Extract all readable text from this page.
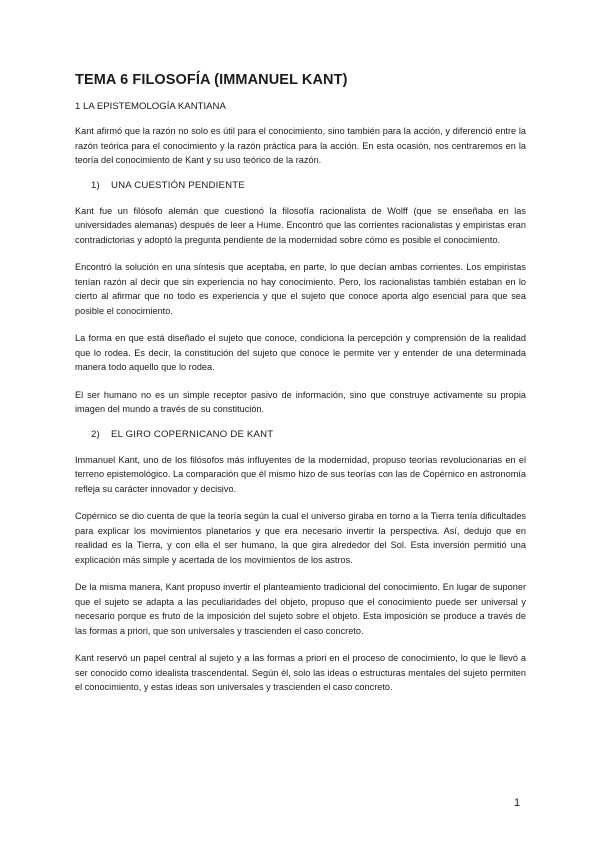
TEMA 6 FILOSOFÍA (IMMANUEL KANT)
1 LA EPISTEMOLOGÍA KANTIANA

Kant afirmó que la razón no solo es útil para el conocimiento, sino también para la acción, y diferenció entre la razón teórica para el conocimiento y la razón práctica para la acción. En esta ocasión, nos centraremos en la teoría del conocimiento de Kant y su uso teórico de la razón.

1) UNA CUESTIÓN PENDIENTE

Kant fue un filósofo alemán que cuestionó la filosofía racionalista de Wolff (que se enseñaba en las universidades alemanas) después de leer a Hume. Encontró que las corrientes racionalistas y empiristas eran contradictorias y adoptó la pregunta pendiente de la modernidad sobre cómo es posible el conocimiento.

Encontró la solución en una síntesis que aceptaba, en parte, lo que decían ambas corrientes. Los empiristas tenían razón al decir que sin experiencia no hay conocimiento. Pero, los racionalistas también estaban en lo cierto al afirmar que no todo es experiencia y que el sujeto que conoce aporta algo esencial para que sea posible el conocimiento.

La forma en que está diseñado el sujeto que conoce, condiciona la percepción y comprensión de la realidad que lo rodea. Es decir, la constitución del sujeto que conoce le permite ver y entender de una determinada manera todo aquello que lo rodea.

El ser humano no es un simple receptor pasivo de información, sino que construye activamente su propia imagen del mundo a través de su constitución.

2) EL GIRO COPERNICANO DE KANT

Immanuel Kant, uno de los filósofos más influyentes de la modernidad, propuso teorías revolucionarias en el terreno epistemológico. La comparación que él mismo hizo de sus teorías con las de Copérnico en astronomía refleja su carácter innovador y decisivo.

Copérnico se dio cuenta de que la teoría según la cual el universo giraba en torno a la Tierra tenía dificultades para explicar los movimientos planetarios y que era necesario invertir la perspectiva. Así, dedujo que en realidad es la Tierra, y con ella el ser humano, la que gira alrededor del Sol. Esta inversión permitió una explicación más simple y acertada de los movimientos de los astros.

De la misma manera, Kant propuso invertir el planteamiento tradicional del conocimiento. En lugar de suponer que el sujeto se adapta a las peculiaridades del objeto, propuso que el conocimiento puede ser universal y necesario porque es fruto de la imposición del sujeto sobre el objeto. Esta imposición se produce a través de las formas a priori, que son universales y trascienden el caso concreto.

Kant reservó un papel central al sujeto y a las formas a priori en el proceso de conocimiento, lo que le llevó a ser conocido como idealista trascendental. Según él, solo las ideas o estructuras mentales del sujeto permiten el conocimiento, y estas ideas son universales y trascienden el caso concreto.

1
